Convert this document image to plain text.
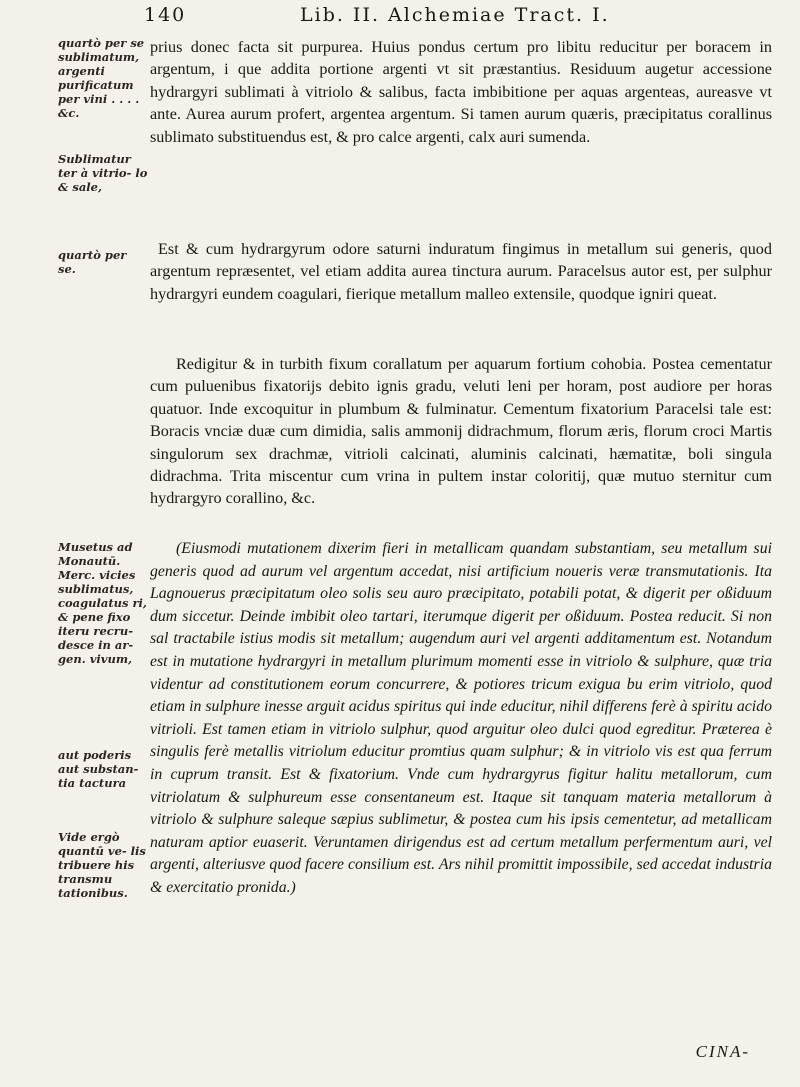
140	Lib. II. Alchemiae Tract. I.
quartò per se sublimatum, argenti purificatum per vini . . . . &c.
Sublimatur ter à vitrio- lo & sale,
quartò per se.
Musetus ad Monautū. Merc. vicies sublimatus, coagulatus ri, & pene fixo iteru recru- desce in ar- gen. vivum,
aut poderis aut substan- tia tactura
Vide ergò quantū ve- lis tribuere his transmu tationibus.
prius donec facta sit purpurea. Huius pondus certum pro libitu reducitur per boracem in argentum, i que addita portione argenti vt sit præstantius. Residuum augetur accessione hydrargyri sublimati à vitriolo & salibus, facta imbibitione per aquas argenteas, aureasve vt ante. Aurea aurum profert, argentea argentum. Si tamen aurum quæris, præcipitatus corallinus sublimato substituendus est, & pro calce argenti, calx auri sumenda.
Est & cum hydrargyrum odore saturni induratum fingimus in metallum sui generis, quod argentum repræsentet, vel etiam addita aurea tinctura aurum. Paracelsus autor est, per sulphur hydrargyri eundem coagulari, fierique metallum malleo extensile, quodque igniri queat.
Redigitur & in turbith fixum corallatum per aquarum fortium cohobia. Postea cementatur cum puluenibus fixatorijs debito ignis gradu, veluti leni per horam, post audiore per horas quatuor. Inde excoquitur in plumbum & fulminatur. Cementum fixatorium Paracelsi tale est: Boracis vnciæ duæ cum dimidia, salis ammonij didrachmum, florum æris, florum croci Martis singulorum sex drachmæ, vitrioli calcinati, aluminis calcinati, hæmatitæ, boli singula didrachma. Trita miscentur cum vrina in pultem instar coloritij, quæ mutuo sternitur cum hydrargyro corallino, &c.
(Eiusmodi mutationem dixerim fieri in metallicam quandam substantiam, seu metallum sui generis quod ad aurum vel argentum accedat, nisi artificium noueris veræ transmutationis. Ita Lagnouerus præcipitatum oleo solis seu auro præcipitato, potabili potat, & digerit per oßiduum dum siccetur. Deinde imbibit oleo tartari, iterumque digerit per oßiduum. Postea reducit. Si non sal tractabile istius modis sit metallum; augendum auri vel argenti additamentum est. Notandum est in mutatione hydrargyri in metallum plurimum momenti esse in vitriolo & sulphure, quæ tria videntur ad constitutionem eorum concurrere, & potiores tricum exigua bu erim vitriolo, quod etiam in sulphure inesse arguit acidus spiritus qui inde educitur, nihil differens ferè à spiritu acido vitrioli. Est tamen etiam in vitriolo sulphur, quod arguitur oleo dulci quod egreditur. Præterea è singulis ferè metallis vitriolum educitur promtius quam sulphur; & in vitriolo vis est qua ferrum in cuprum transit. Est & fixatorium. Vnde cum hydrargyrus figitur halitu metallorum, cum vitriolatum & sulphureum esse consentaneum est. Itaque sit tanquam materia metallorum à vitriolo & sulphure saleque sæpius sublimetur, & postea cum his ipsis cementetur, ad metallicam naturam aptior euaserit. Veruntamen dirigendus est ad certum metallum perfermentum auri, vel argenti, alteriusve quod facere consilium est. Ars nihil promittit impossibile, sed accedat industria & exercitatio pronida.)
CINA-
